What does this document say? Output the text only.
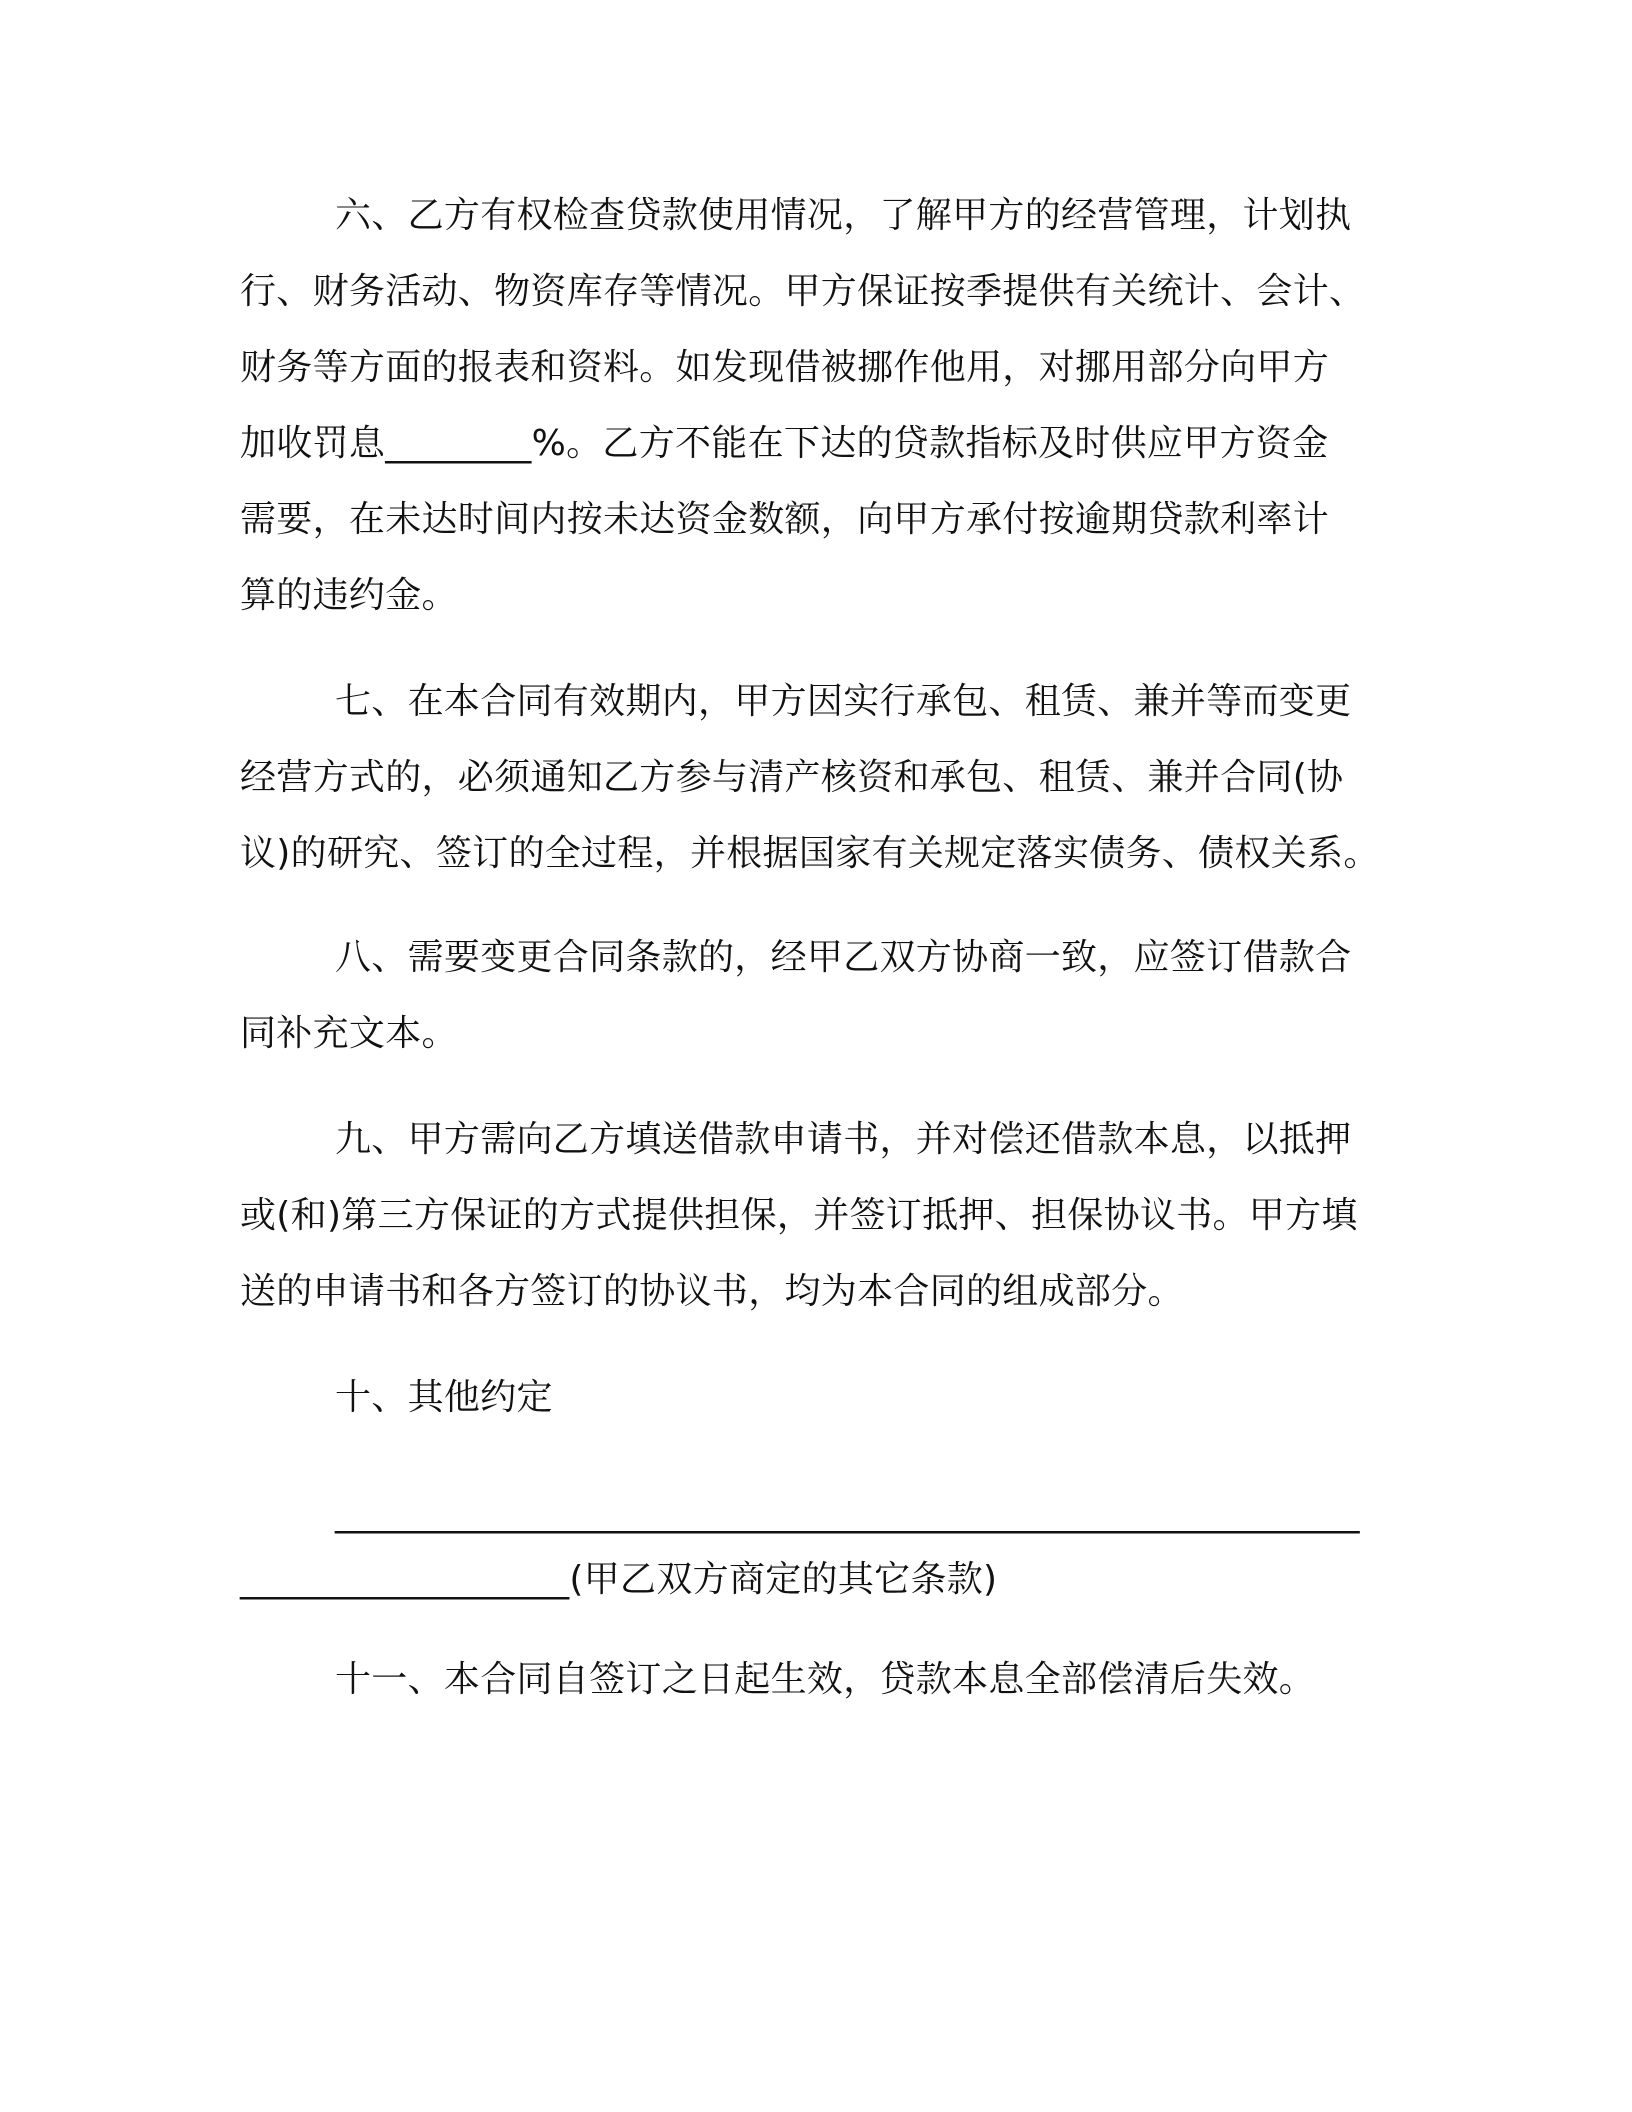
六、乙方有权检查贷款使用情况，了解甲方的经营管理，计划执
行、财务活动、物资库存等情况。甲方保证按季提供有关统计、会计、
财务等方面的报表和资料。如发现借被挪作他用，对挪用部分向甲方
加收罚息________%。乙方不能在下达的贷款指标及时供应甲方资金
需要，在未达时间内按未达资金数额，向甲方承付按逾期贷款利率计
算的违约金。
七、在本合同有效期内，甲方因实行承包、租赁、兼并等而变更
经营方式的，必须通知乙方参与清产核资和承包、租赁、兼并合同(协
议)的研究、签订的全过程，并根据国家有关规定落实债务、债权关系。
八、需要变更合同条款的，经甲乙双方协商一致，应签订借款合
同补充文本。
九、甲方需向乙方填送借款申请书，并对偿还借款本息，以抵押
或(和)第三方保证的方式提供担保，并签订抵押、担保协议书。甲方填
送的申请书和各方签订的协议书，均为本合同的组成部分。
十、其他约定
________________________________________________________
__________________(甲乙双方商定的其它条款)
十一、本合同自签订之日起生效，贷款本息全部偿清后失效。
